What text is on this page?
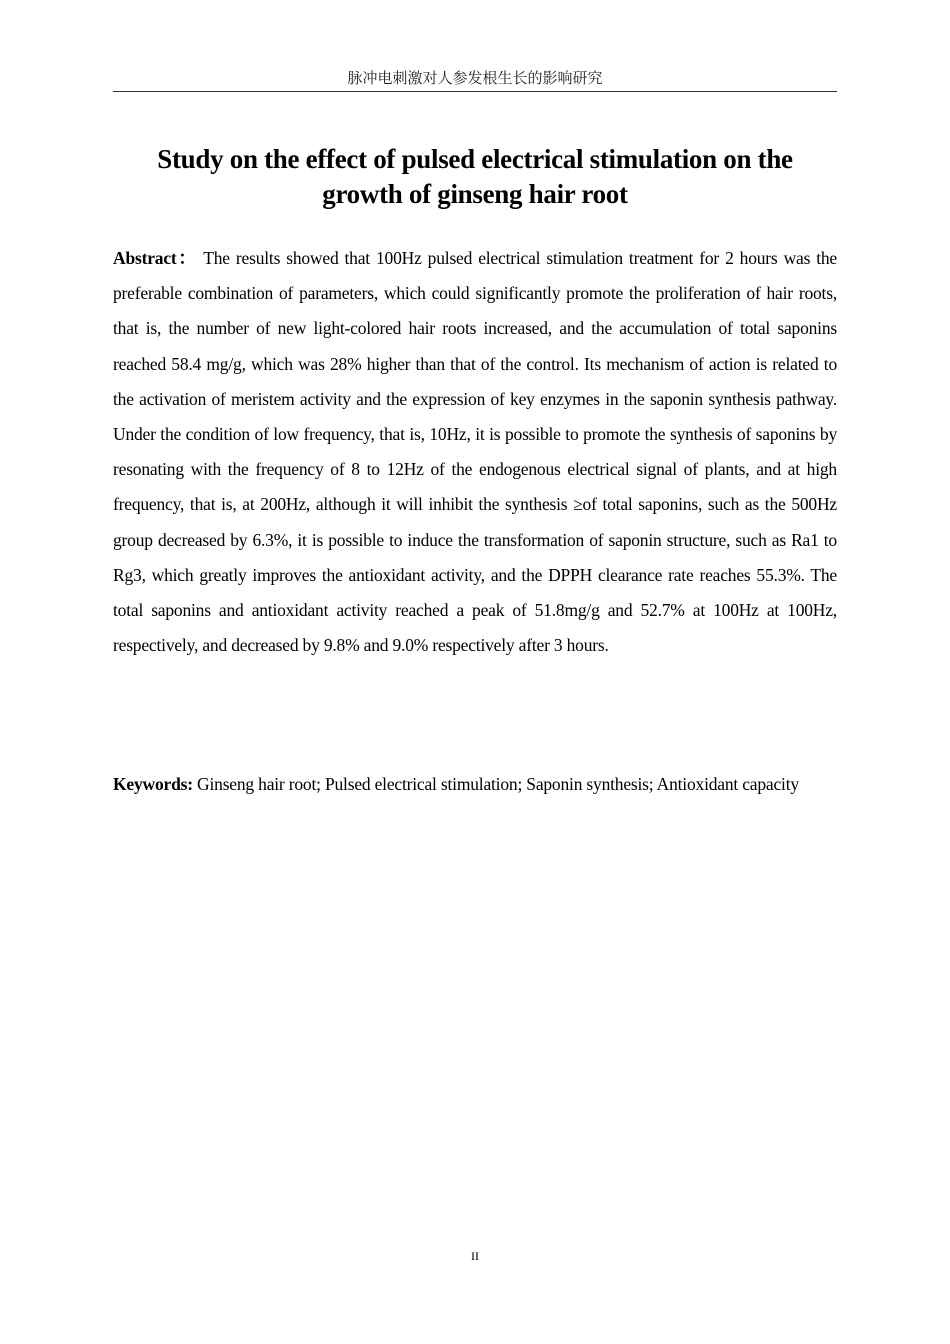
脉冲电刺激对人参发根生长的影响研究
Study on the effect of pulsed electrical stimulation on the
growth of ginseng hair root
Abstract： The results showed that 100Hz pulsed electrical stimulation treatment for 2 hours was the preferable combination of parameters, which could significantly promote the proliferation of hair roots, that is, the number of new light-colored hair roots increased, and the accumulation of total saponins reached 58.4 mg/g, which was 28% higher than that of the control. Its mechanism of action is related to the activation of meristem activity and the expression of key enzymes in the saponin synthesis pathway. Under the condition of low frequency, that is, 10Hz, it is possible to promote the synthesis of saponins by resonating with the frequency of 8 to 12Hz of the endogenous electrical signal of plants, and at high frequency, that is, at 200Hz, although it will inhibit the synthesis ≥of total saponins, such as the 500Hz group decreased by 6.3%, it is possible to induce the transformation of saponin structure, such as Ra1 to Rg3, which greatly improves the antioxidant activity, and the DPPH clearance rate reaches 55.3%. The total saponins and antioxidant activity reached a peak of 51.8mg/g and 52.7% at 100Hz at 100Hz, respectively, and decreased by 9.8% and 9.0% respectively after 3 hours.
Keywords: Ginseng hair root; Pulsed electrical stimulation; Saponin synthesis; Antioxidant capacity
II
